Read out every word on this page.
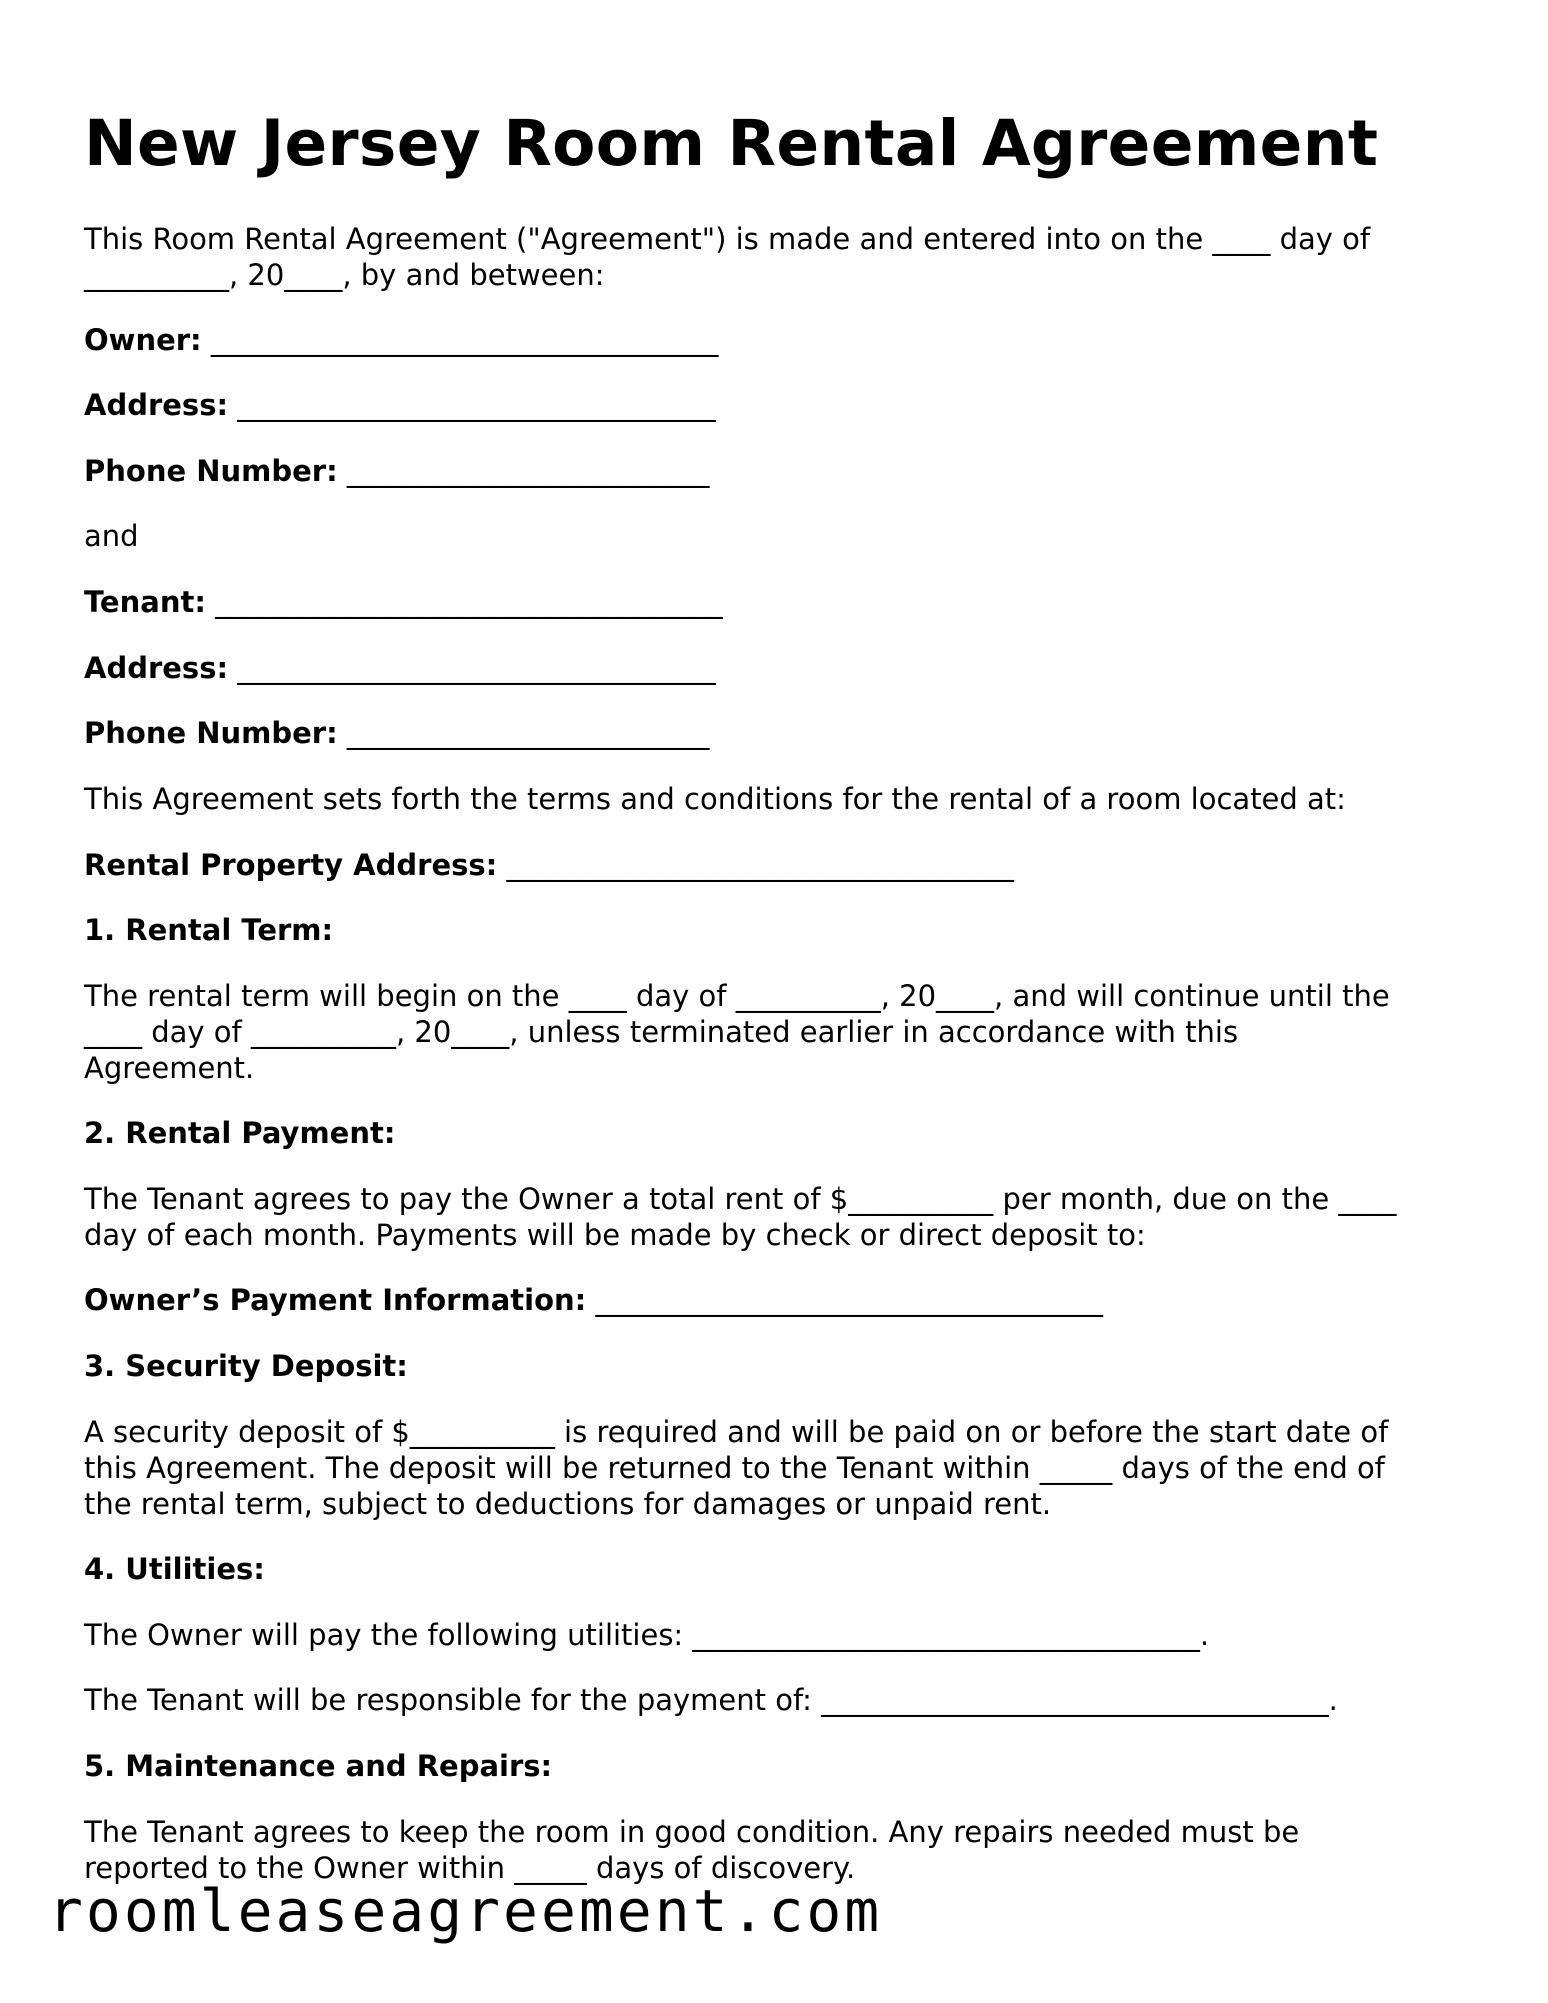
New Jersey Room Rental Agreement
This Room Rental Agreement ("Agreement") is made and entered into on the ____ day of
__________, 20____, by and between:

Owner: ___________________________________

Address: _________________________________

Phone Number: _________________________

and

Tenant: ___________________________________

Address: _________________________________

Phone Number: _________________________

This Agreement sets forth the terms and conditions for the rental of a room located at:

Rental Property Address: ___________________________________

1. Rental Term:
The rental term will begin on the ____ day of __________, 20____, and will continue until the
____ day of __________, 20____, unless terminated earlier in accordance with this
Agreement.
2. Rental Payment:
The Tenant agrees to pay the Owner a total rent of $__________ per month, due on the ____
day of each month. Payments will be made by check or direct deposit to:

Owner’s Payment Information: ___________________________________

3. Security Deposit:
A security deposit of $__________ is required and will be paid on or before the start date of
this Agreement. The deposit will be returned to the Tenant within _____ days of the end of
the rental term, subject to deductions for damages or unpaid rent.
4. Utilities:

The Owner will pay the following utilities: ___________________________________.

The Tenant will be responsible for the payment of: ___________________________________.

5. Maintenance and Repairs:
The Tenant agrees to keep the room in good condition. Any repairs needed must be
reported to the Owner within _____ days of discovery.
roomleaseagreement.com
